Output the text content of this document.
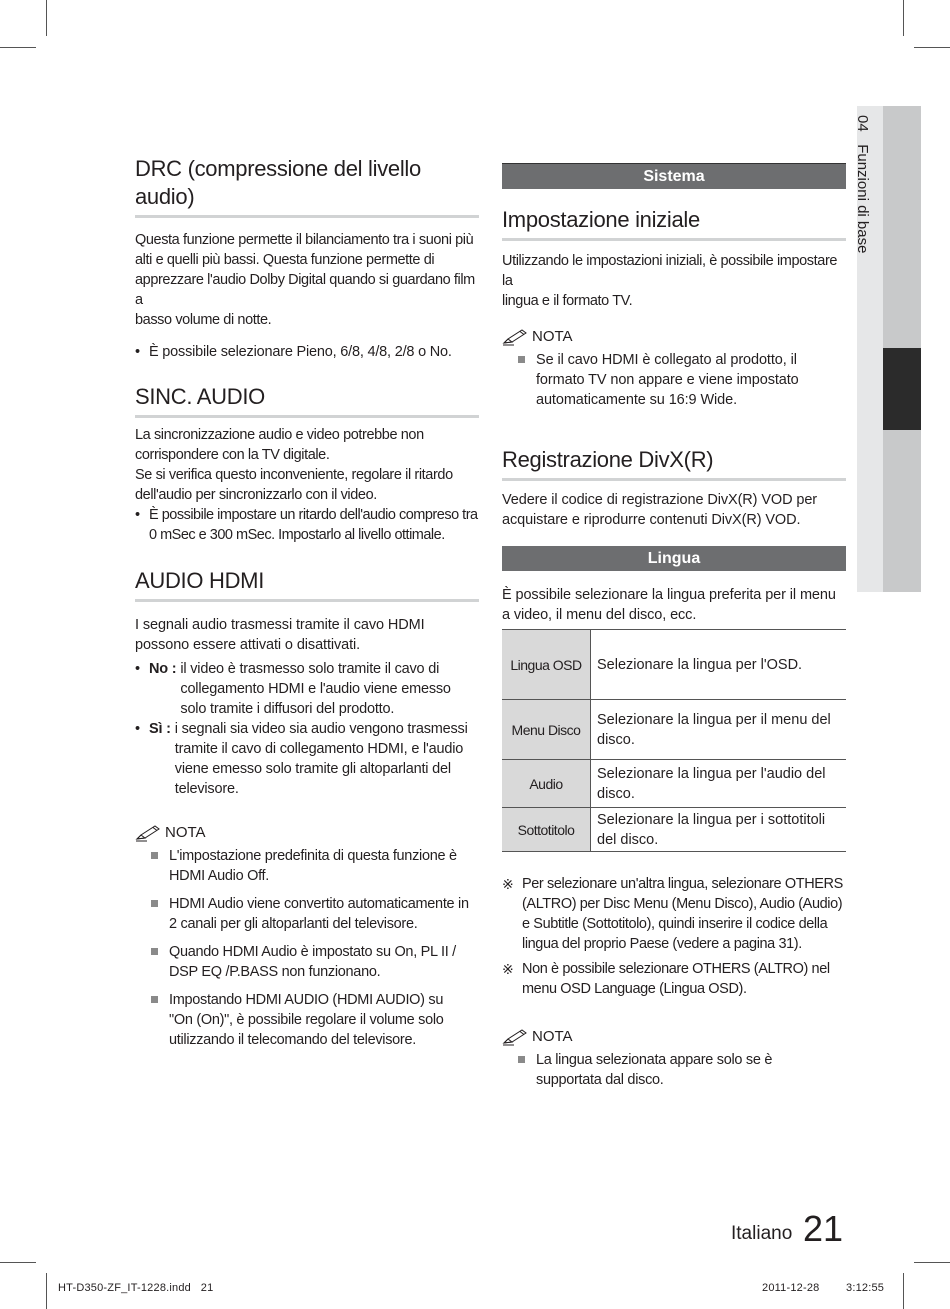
04   Funzioni di base
DRC (compressione del livello audio)

Questa funzione permette il bilanciamento tra i suoni più
alti e quelli più bassi. Questa funzione permette di
apprezzare l'audio Dolby Digital quando si guardano film a
basso volume di notte.

• È possibile selezionare Pieno, 6/8, 4/8, 2/8 o No.
SINC. AUDIO

La sincronizzazione audio e video potrebbe non
corrispondere con la TV digitale.
Se si verifica questo inconveniente, regolare il ritardo
dell'audio per sincronizzarlo con il video.

• È possibile impostare un ritardo dell'audio compreso tra
0 mSec e 300 mSec. Impostarlo al livello ottimale.
AUDIO HDMI

I segnali audio trasmessi tramite il cavo HDMI
possono essere attivati o disattivati.

• No : il video è trasmesso solo tramite il cavo di
collegamento HDMI e l'audio viene emesso
solo tramite i diffusori del prodotto.
• Sì : i segnali sia video sia audio vengono trasmessi
tramite il cavo di collegamento HDMI, e l'audio
viene emesso solo tramite gli altoparlanti del
televisore.
NOTA
L'impostazione predefinita di questa funzione è
HDMI Audio Off.
HDMI Audio viene convertito automaticamente in
2 canali per gli altoparlanti del televisore.
Quando HDMI Audio è impostato su On, PL II /
DSP EQ /P.BASS non funzionano.
Impostando HDMI AUDIO (HDMI AUDIO) su
"On (On)", è possibile regolare il volume solo
utilizzando il telecomando del televisore.
Sistema
Impostazione iniziale

Utilizzando le impostazioni iniziali, è possibile impostare la
lingua e il formato TV.

NOTA
Se il cavo HDMI è collegato al prodotto, il
formato TV non appare e viene impostato
automaticamente su 16:9 Wide.
Registrazione DivX(R)

Vedere il codice di registrazione DivX(R) VOD per
acquistare e riprodurre contenuti DivX(R) VOD.

Lingua

È possibile selezionare la lingua preferita per il menu
a video, il menu del disco, ecc.

Lingua OSD	Selezionare la lingua per l'OSD.
Menu Disco	Selezionare la lingua per il menu del
disco.
Audio	Selezionare la lingua per l'audio del
disco.
Sottotitolo	Selezionare la lingua per i sottotitoli
del disco.
※ Per selezionare un'altra lingua, selezionare OTHERS
(ALTRO) per Disc Menu (Menu Disco), Audio (Audio)
e Subtitle (Sottotitolo), quindi inserire il codice della
lingua del proprio Paese (vedere a pagina 31).
※ Non è possibile selezionare OTHERS (ALTRO) nel
menu OSD Language (Lingua OSD).
NOTA
La lingua selezionata appare solo se è
supportata dal disco.
Italiano 21
HT-D350-ZF_IT-1228.indd   21	2011-12-28 3:12:55
